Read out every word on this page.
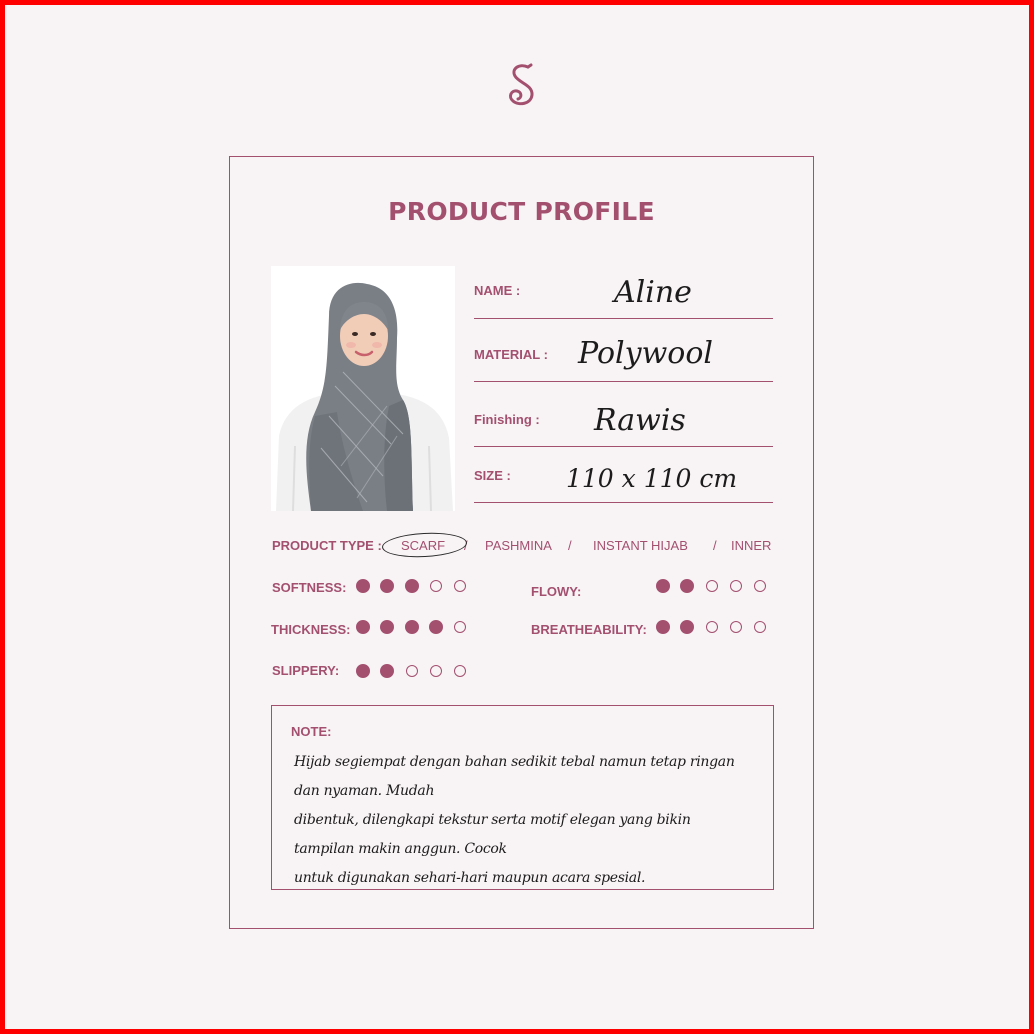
PRODUCT PROFILE
NAME :	Aline
MATERIAL : Polywool
Finishing : Rawis
SIZE : 110 x 110 cm
PRODUCT TYPE : SCARF / PASHMINA / INSTANT HIJAB / INNER
SOFTNESS:
THICKNESS:
SLIPPERY:
FLOWY:
BREATHEABILITY:
NOTE:
Hijab segiempat dengan bahan sedikit tebal namun tetap ringan dan nyaman. Mudah
dibentuk, dilengkapi tekstur serta motif elegan yang bikin tampilan makin anggun. Cocok
untuk digunakan sehari-hari maupun acara spesial.
